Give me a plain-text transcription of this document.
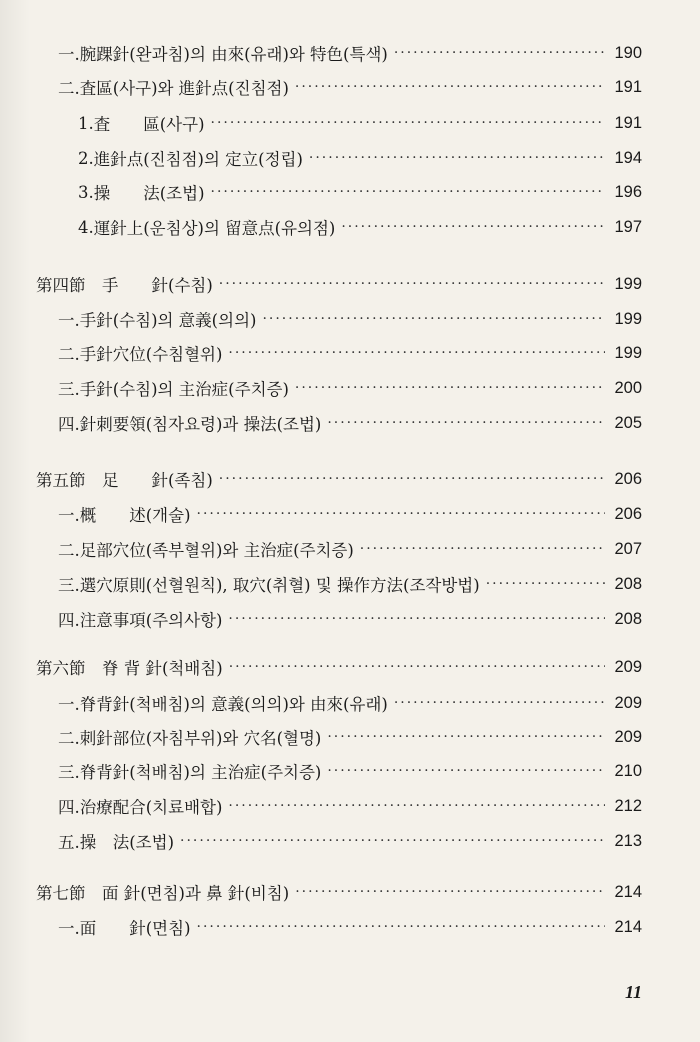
一. 腕踝針(완과침)의 由來(유래)와 特色(특색) ·····	190
二. 査區(사구)와 進針点(진침점) ·····	191
1. 査　　區(사구) ·····	191
2. 進針点(진침점)의 定立(정립) ·····	194
3. 操　　法(조법) ·····	196
4. 運針上(운침상)의 留意点(유의점) ·····	197
第四節　手　　針(수침) ·····	199
一. 手針(수침)의 意義(의의) ·····	199
二. 手針穴位(수침혈위) ·····	199
三. 手針(수침)의 主治症(주치증) ·····	200
四. 針刺要領(침자요령)과 操法(조법) ·····	205
第五節　足　　針(족침) ·····	206
一. 概　　述(개술) ·····	206
二. 足部穴位(족부혈위)와 主治症(주치증) ·····	207
三. 選穴原則(선혈원칙), 取穴(취혈) 및 操作方法(조작방법) ·····	208
四. 注意事項(주의사항) ·····	208
第六節　脊 背 針(척배침) ·····	209
一. 脊背針(척배침)의 意義(의의)와 由來(유래) ·····	209
二. 刺針部位(자침부위)와 穴名(혈명) ·····	209
三. 脊背針(척배침)의 主治症(주치증) ·····	210
四. 治療配合(치료배합) ·····	212
五. 操　法(조법) ·····	213
第七節　面 針(면침)과 鼻 針(비침) ·····	214
一. 面　　針(면침) ·····	214
11
